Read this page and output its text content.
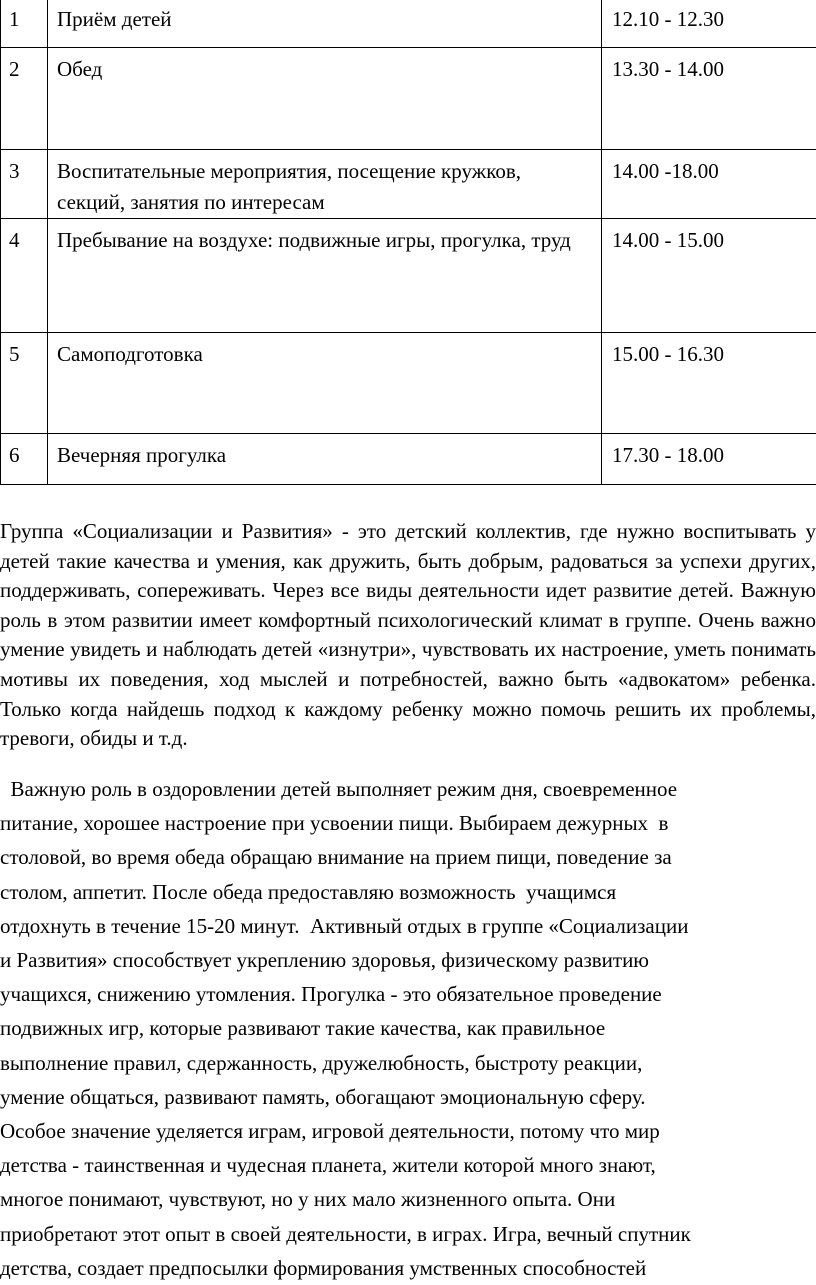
1	Приём детей	12.10 - 12.30
2	Обед	13.30 - 14.00
3	Воспитательные мероприятия, посещение кружков, секций, занятия по интересам	14.00 -18.00
4	Пребывание на воздухе: подвижные игры, прогулка, труд	14.00 - 15.00
5	Самоподготовка	15.00 - 16.30
6	Вечерняя прогулка	17.30 - 18.00

Группа «Социализации и Развития» - это детский коллектив, где нужно воспитывать у детей такие качества и умения, как дружить, быть добрым, радоваться за успехи других, поддерживать, сопереживать. Через все виды деятельности идет развитие детей. Важную роль в этом развитии имеет комфортный психологический климат в группе. Очень важно умение увидеть и наблюдать детей «изнутри», чувствовать их настроение, уметь понимать мотивы их поведения, ход мыслей и потребностей, важно быть «адвокатом» ребенка. Только когда найдешь подход к каждому ребенку можно помочь решить их проблемы, тревоги, обиды и т.д.

Важную роль в оздоровлении детей выполняет режим дня, своевременное
питание, хорошее настроение при усвоении пищи. Выбираем дежурных  в
столовой, во время обеда обращаю внимание на прием пищи, поведение за
столом, аппетит. После обеда предоставляю возможность  учащимся
отдохнуть в течение 15-20 минут.  Активный отдых в группе «Социализации
и Развития» способствует укреплению здоровья, физическому развитию
учащихся, снижению утомления. Прогулка - это обязательное проведение
подвижных игр, которые развивают такие качества, как правильное
выполнение правил, сдержанность, дружелюбность, быстроту реакции,
умение общаться, развивают память, обогащают эмоциональную сферу.
Особое значение уделяется играм, игровой деятельности, потому что мир
детства - таинственная и чудесная планета, жители которой много знают,
многое понимают, чувствуют, но у них мало жизненного опыта. Они
приобретают этот опыт в своей деятельности, в играх. Игра, вечный спутник
детства, создает предпосылки формирования умственных способностей
